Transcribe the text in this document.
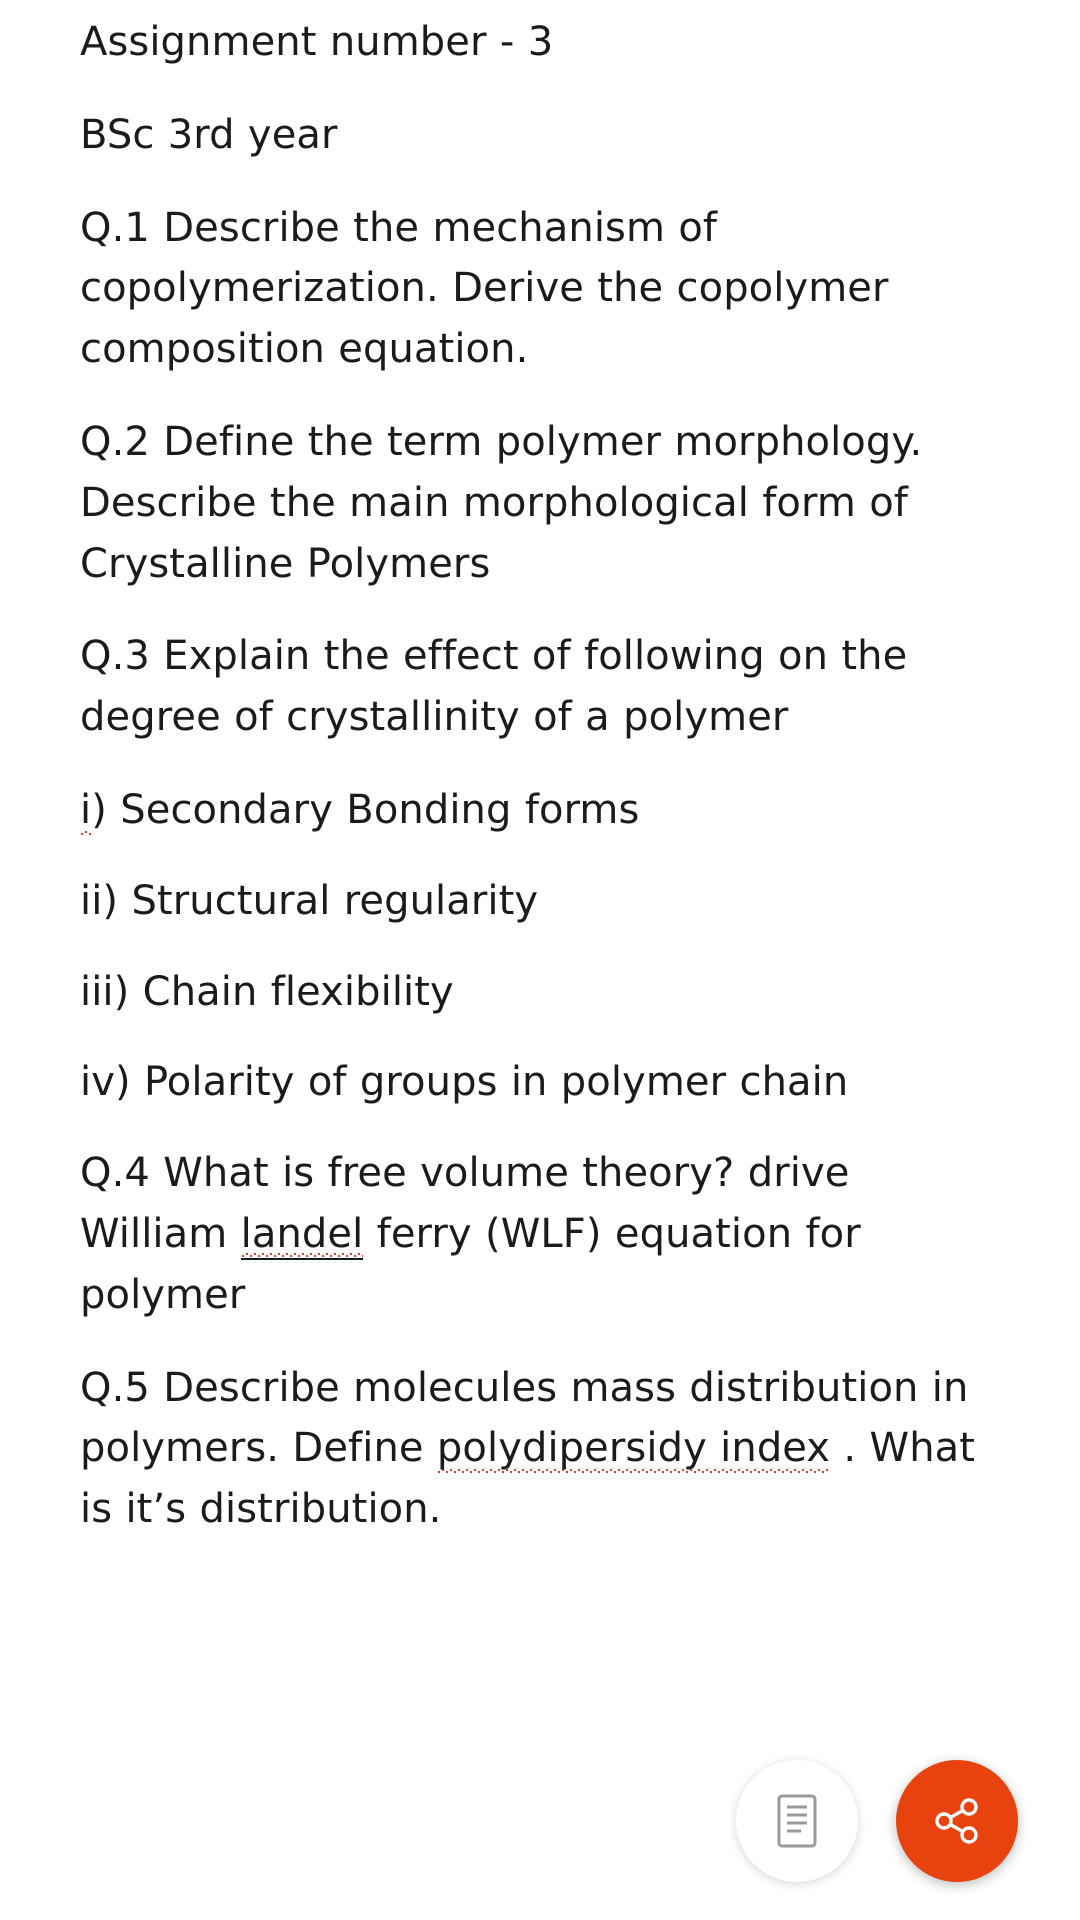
Assignment number - 3

BSc 3rd year

Q.1 Describe the mechanism of copolymerization. Derive the copolymer composition equation.

Q.2 Define the term polymer morphology. Describe the main morphological form of Crystalline Polymers

Q.3 Explain the effect of following on the degree of crystallinity of a polymer

i) Secondary Bonding forms

ii) Structural regularity

iii) Chain flexibility

iv) Polarity of groups in polymer chain

Q.4 What is free volume theory? drive William landel ferry (WLF) equation for polymer

Q.5 Describe molecules mass distribution in polymers. Define polydipersidy index . What is it’s distribution.
